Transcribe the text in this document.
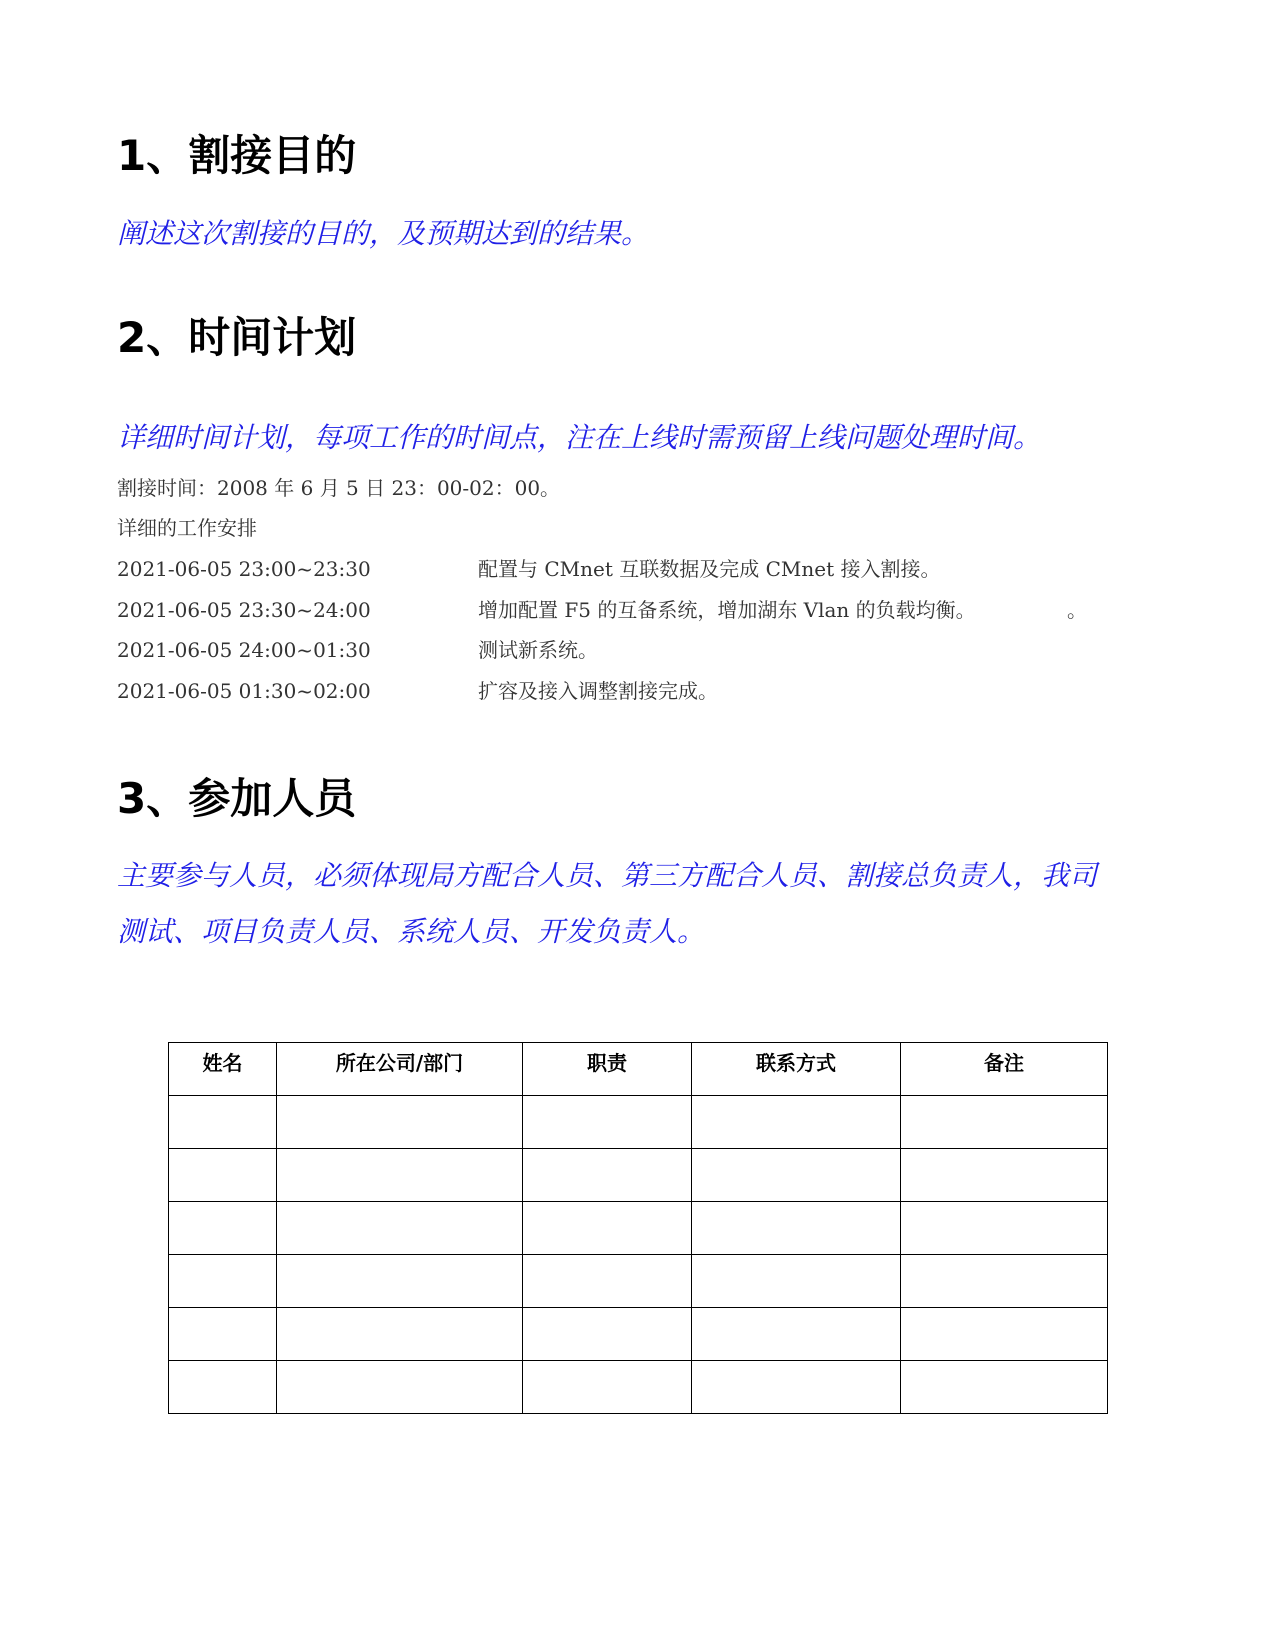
1、割接目的

阐述这次割接的目的，及预期达到的结果。

2、时间计划

详细时间计划，每项工作的时间点，注在上线时需预留上线问题处理时间。

割接时间：2008 年 6 月 5 日 23：00-02：00。

详细的工作安排

2021-06-05 23:00~23:30	配置与 CMnet 互联数据及完成 CMnet 接入割接。
2021-06-05 23:30~24:00	增加配置 F5 的互备系统，增加湖东 Vlan 的负载均衡。	。
2021-06-05 24:00~01:30	测试新系统。
2021-06-05 01:30~02:00	扩容及接入调整割接完成。
3、参加人员

主要参与人员，必须体现局方配合人员、第三方配合人员、割接总负责人，我司

测试、项目负责人员、系统人员、开发负责人。

姓名	所在公司/部门	职责	联系方式	备注
